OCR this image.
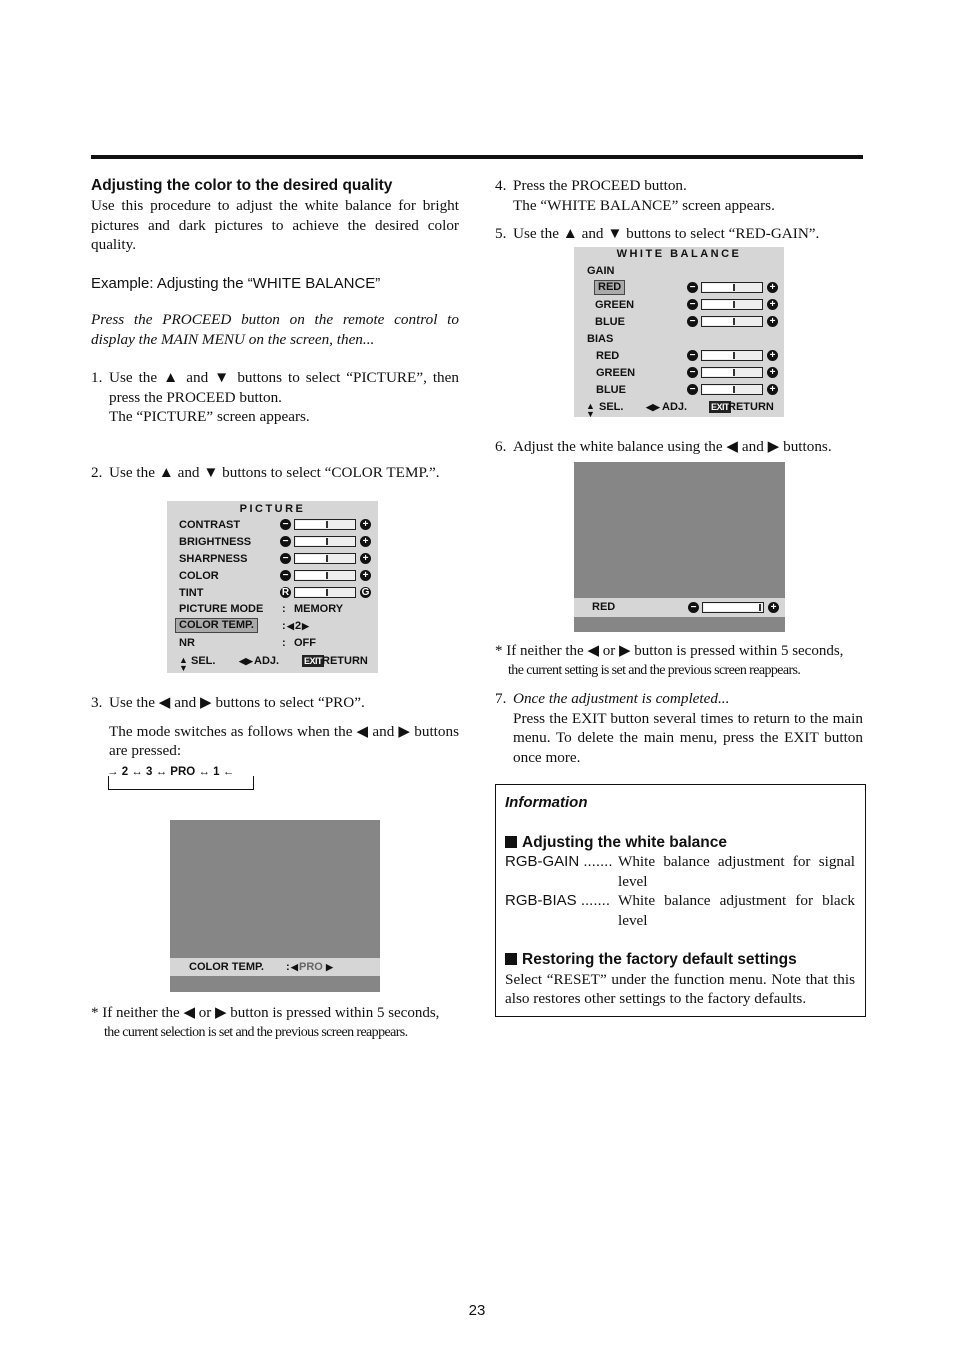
Adjusting the color to the desired quality

Use this procedure to adjust the white balance for bright pictures and dark pictures to achieve the desired color quality.

Example: Adjusting the “WHITE BALANCE”

Press the PROCEED button on the remote control to display the MAIN MENU on the screen, then...

1. Use the ▲ and ▼ buttons to select “PICTURE”, then press the PROCEED button.
The “PICTURE” screen appears.
2. Use the ▲ and ▼ buttons to select “COLOR TEMP.”.
PICTURE
CONTRAST	−	+
BRIGHTNESS	−	+
SHARPNESS	−	+
COLOR	−	+
TINT	R	G
PICTURE MODE : MEMORY
COLOR TEMP.	: ◀ 2 ▶
NR	: OFF
▲
▼
SEL.	◀▶ ADJ.	EXIT RETURN
3. Use the ◀ and ▶ buttons to select “PRO”.
The mode switches as follows when the ◀ and ▶ buttons are pressed:
→ 2 ↔ 3 ↔ PRO ↔ 1 ←
COLOR TEMP. : ◀ PRO ▶
* If neither the ◀ or ▶ button is pressed within 5 seconds,
the current selection is set and the previous screen reappears.
4. Press the PROCEED button.
The “WHITE BALANCE” screen appears.
5. Use the ▲ and ▼ buttons to select “RED-GAIN”.
WHITE BALANCE
GAIN
RED	−	+
GREEN	−	+
BLUE	−	+
BIAS
RED	−	+
GREEN	−	+
BLUE	−	+
▲
▼
SEL.	◀▶ ADJ.	EXIT
RETURN
6. Adjust the white balance using the ◀ and ▶ buttons.
RED	−	+
* If neither the ◀ or ▶ button is pressed within 5 seconds,
the current setting is set and the previous screen reappears.
7. Once the adjustment is completed...
Press the EXIT button several times to return to the main menu. To delete the main menu, press the EXIT button once more.
Information
Adjusting the white balance
RGB-GAIN ....... White balance adjustment for signal level
RGB-BIAS ....... White balance adjustment for black level
Restoring the factory default settings
Select “RESET” under the function menu. Note that this also restores other settings to the factory defaults.
23
